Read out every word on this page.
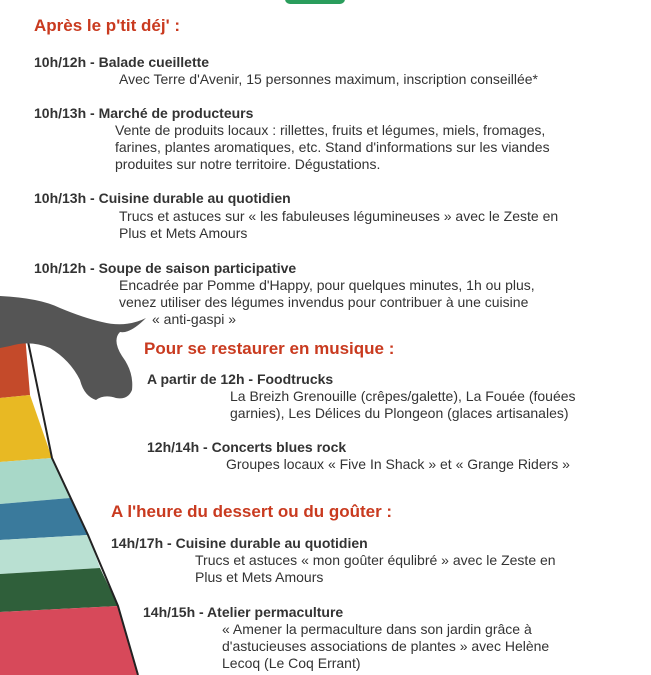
Après le p'tit déj' :
10h/12h - Balade cueillette
Avec Terre d'Avenir, 15 personnes maximum, inscription conseillée*
10h/13h - Marché de producteurs
Vente de produits locaux : rillettes, fruits et légumes, miels, fromages,
farines, plantes aromatiques, etc. Stand d'informations sur les viandes
produites sur notre territoire. Dégustations.
10h/13h - Cuisine durable au quotidien
Trucs et astuces sur « les fabuleuses légumineuses » avec le Zeste en
Plus et Mets Amours
10h/12h - Soupe de saison participative
Encadrée par Pomme d'Happy, pour quelques minutes, 1h ou plus,
venez utiliser des légumes invendus pour contribuer à une cuisine
« anti-gaspi »
Pour se restaurer en musique :
A partir de 12h - Foodtrucks
La Breizh Grenouille (crêpes/galette), La Fouée (fouées
garnies), Les Délices du Plongeon (glaces artisanales)
12h/14h - Concerts blues rock
Groupes locaux « Five In Shack » et « Grange Riders »
A l'heure du dessert ou du goûter :
14h/17h - Cuisine durable au quotidien
Trucs et astuces « mon goûter équlibré » avec le Zeste en
Plus et Mets Amours
14h/15h - Atelier permaculture
« Amener la permaculture dans son jardin grâce à
d'astucieuses associations de plantes » avec Helène
Lecoq (Le Coq Errant)
